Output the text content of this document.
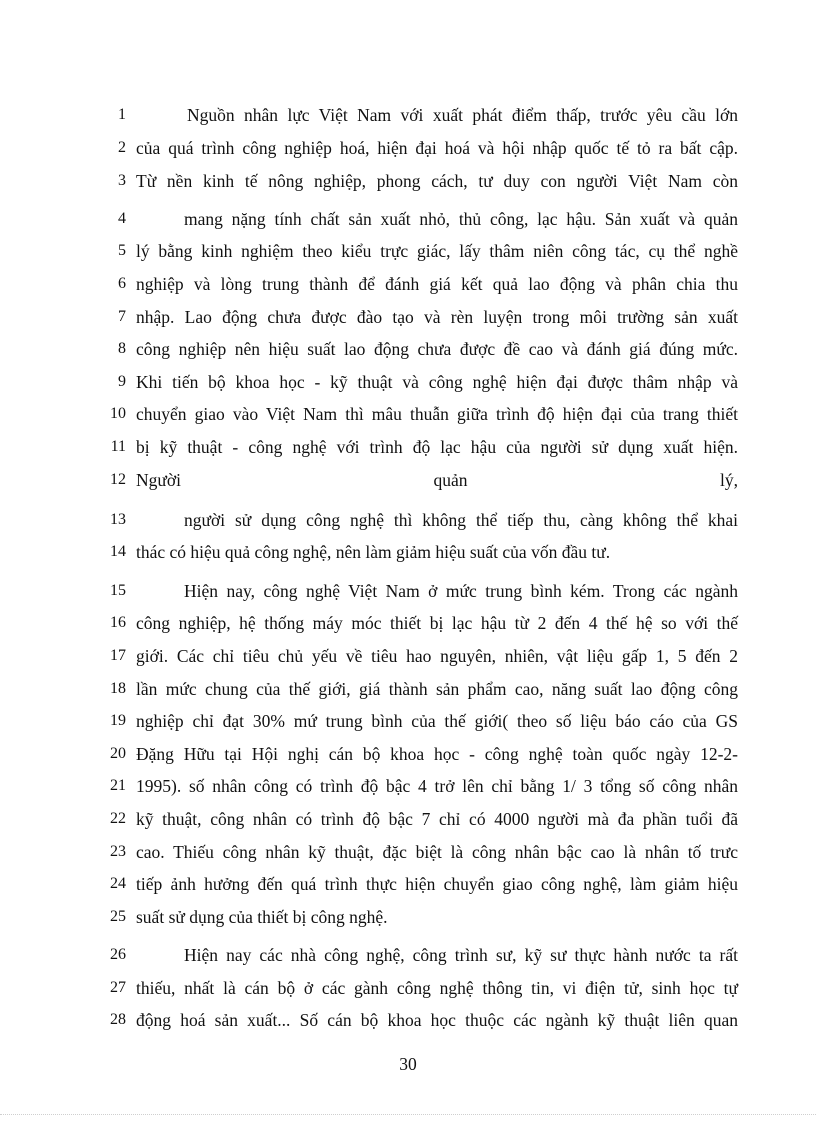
1	Nguồn nhân lực Việt Nam với xuất phát điểm thấp, trước yêu cầu lớn
2 của quá trình công nghiệp hoá, hiện đại hoá và hội nhập quốc tế tỏ ra bất cập.
3 Từ nền kinh tế nông nghiệp, phong cách, tư duy con người Việt Nam còn
4	mang nặng tính chất sản xuất nhỏ, thủ công, lạc hậu. Sản xuất và quản
5 lý bằng kinh nghiệm theo kiểu trực giác, lấy thâm niên công tác, cụ thể nghề
6 nghiệp và lòng trung thành để đánh giá kết quả lao động và phân chia thu
7 nhập. Lao động chưa được đào tạo và rèn luyện trong môi trường sản xuất
8 công nghiệp nên hiệu suất lao động chưa được đề cao và đánh giá đúng mức.
9 Khi tiến bộ khoa học - kỹ thuật và công nghệ hiện đại được thâm nhập và
10 chuyển giao vào Việt Nam thì mâu thuẫn giữa trình độ hiện đại của trang thiết
11 bị kỹ thuật - công nghệ với trình độ lạc hậu của người sử dụng xuất hiện.
12 Người quản lý,
13	người sử dụng công nghệ thì không thể tiếp thu, càng không thể khai
14 thác có hiệu quả công nghệ, nên làm giảm hiệu suất của vốn đầu tư.
15	Hiện nay, công nghệ Việt Nam ở mức trung bình kém. Trong các ngành
16 công nghiệp, hệ thống máy móc thiết bị lạc hậu từ 2 đến 4 thế hệ so với thế
17 giới. Các chỉ tiêu chủ yếu về tiêu hao nguyên, nhiên, vật liệu gấp 1, 5 đến 2
18 lần mức chung của thế giới, giá thành sản phẩm cao, năng suất lao động công
19 nghiệp chỉ đạt 30% mứ trung bình của thế giới( theo số liệu báo cáo của GS
20 Đặng Hữu tại Hội nghị cán bộ khoa học - công nghệ toàn quốc ngày 12-2-
21 1995). số nhân công có trình độ bậc 4 trở lên chỉ bằng 1/ 3 tổng số công nhân
22 kỹ thuật, công nhân có trình độ bậc 7 chỉ có 4000 người mà đa phần tuổi đã
23 cao. Thiếu công nhân kỹ thuật, đặc biệt là công nhân bậc cao là nhân tố trưc
24 tiếp ảnh hưởng đến quá trình thực hiện chuyển giao công nghệ, làm giảm hiệu
25 suất sử dụng của thiết bị công nghệ.
26	Hiện nay các nhà công nghệ, công trình sư, kỹ sư thực hành nước ta rất
27 thiếu, nhất là cán bộ ở các gành công nghệ thông tin, vi điện tử, sinh học tự
28 động hoá sản xuất... Số cán bộ khoa học thuộc các ngành kỹ thuật liên quan
30
